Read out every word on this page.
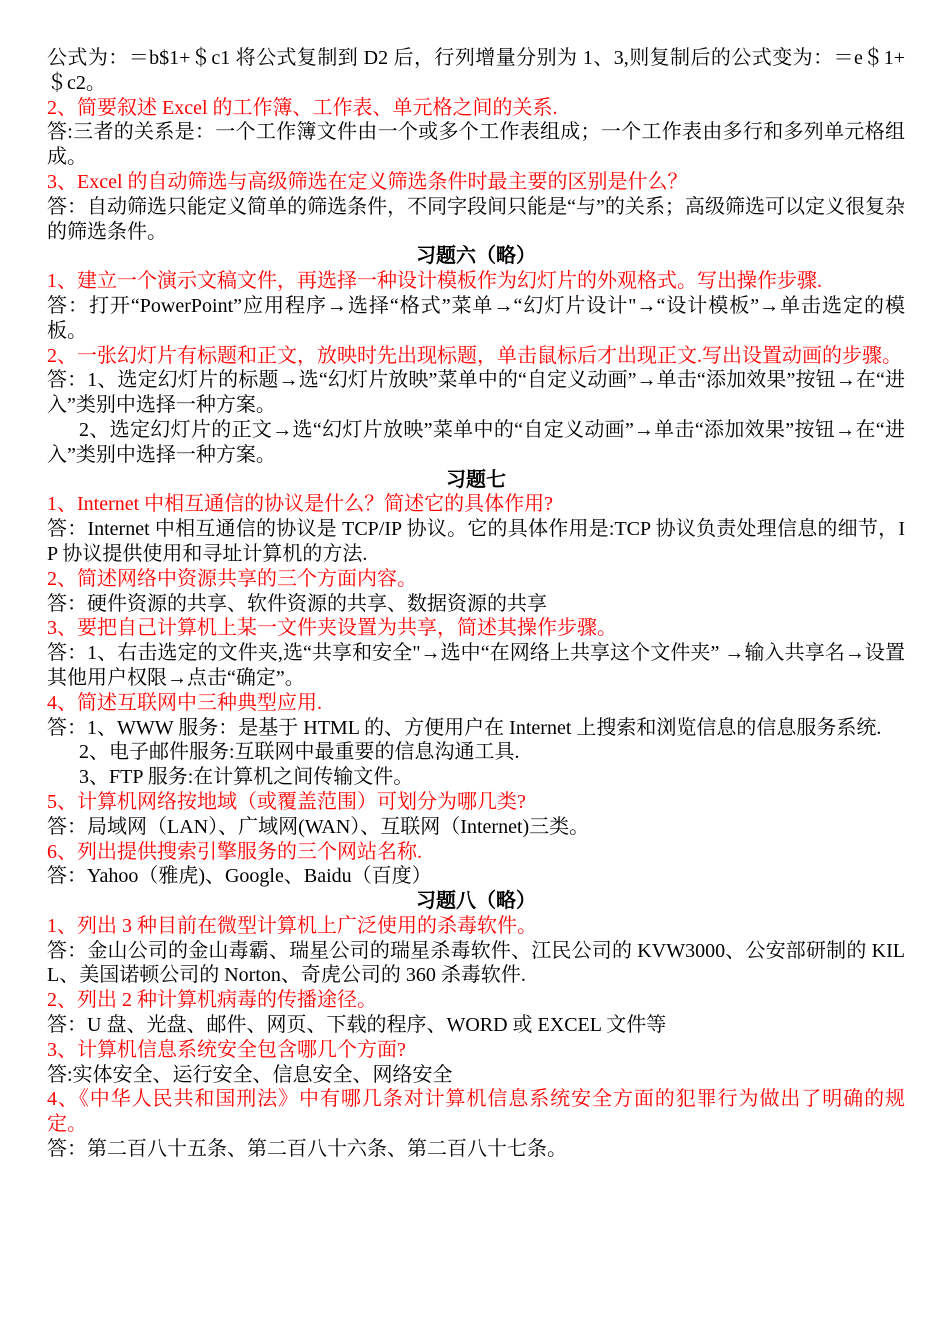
公式为：＝b$1+＄c1 将公式复制到 D2 后，行列增量分别为 1、3,则复制后的公式变为：＝e＄1+＄c2。

2、简要叙述 Excel 的工作簿、工作表、单元格之间的关系.

答:三者的关系是：一个工作簿文件由一个或多个工作表组成；一个工作表由多行和多列单元格组成。

3、Excel 的自动筛选与高级筛选在定义筛选条件时最主要的区别是什么？

答：自动筛选只能定义简单的筛选条件，不同字段间只能是“与”的关系；高级筛选可以定义很复杂的筛选条件。

习题六（略）

1、建立一个演示文稿文件，再选择一种设计模板作为幻灯片的外观格式。写出操作步骤.

答：打开“PowerPoint”应用程序→选择“格式”菜单→“幻灯片设计"→“设计模板”→单击选定的模板。

2、一张幻灯片有标题和正文，放映时先出现标题，单击鼠标后才出现正文.写出设置动画的步骤。

答：1、选定幻灯片的标题→选“幻灯片放映”菜单中的“自定义动画”→单击“添加效果”按钮→在“进入”类别中选择一种方案。

2、选定幻灯片的正文→选“幻灯片放映”菜单中的“自定义动画”→单击“添加效果”按钮→在“进入”类别中选择一种方案。

习题七

1、Internet 中相互通信的协议是什么？简述它的具体作用?

答：Internet 中相互通信的协议是 TCP/IP 协议。它的具体作用是:TCP 协议负责处理信息的细节，IP 协议提供使用和寻址计算机的方法.

2、简述网络中资源共享的三个方面内容。

答：硬件资源的共享、软件资源的共享、数据资源的共享

3、要把自己计算机上某一文件夹设置为共享，简述其操作步骤。

答：1、右击选定的文件夹,选“共享和安全"→选中“在网络上共享这个文件夹” →输入共享名→设置其他用户权限→点击“确定”。

4、简述互联网中三种典型应用.

答：1、WWW 服务：是基于 HTML 的、方便用户在 Internet 上搜索和浏览信息的信息服务系统.

2、电子邮件服务:互联网中最重要的信息沟通工具.

3、FTP 服务:在计算机之间传输文件。

5、计算机网络按地域（或覆盖范围）可划分为哪几类?

答：局域网（LAN）、广域网(WAN）、互联网（Internet)三类。

6、列出提供搜索引擎服务的三个网站名称.

答：Yahoo（雅虎)、Google、Baidu（百度）

习题八（略）

1、列出 3 种目前在微型计算机上广泛使用的杀毒软件。

答：金山公司的金山毒霸、瑞星公司的瑞星杀毒软件、江民公司的 KVW3000、公安部研制的 KILL、美国诺顿公司的 Norton、奇虎公司的 360 杀毒软件.

2、列出 2 种计算机病毒的传播途径。

答：U 盘、光盘、邮件、网页、下载的程序、WORD 或 EXCEL 文件等

3、计算机信息系统安全包含哪几个方面?

答:实体安全、运行安全、信息安全、网络安全

4、《中华人民共和国刑法》中有哪几条对计算机信息系统安全方面的犯罪行为做出了明确的规定。

答：第二百八十五条、第二百八十六条、第二百八十七条。
